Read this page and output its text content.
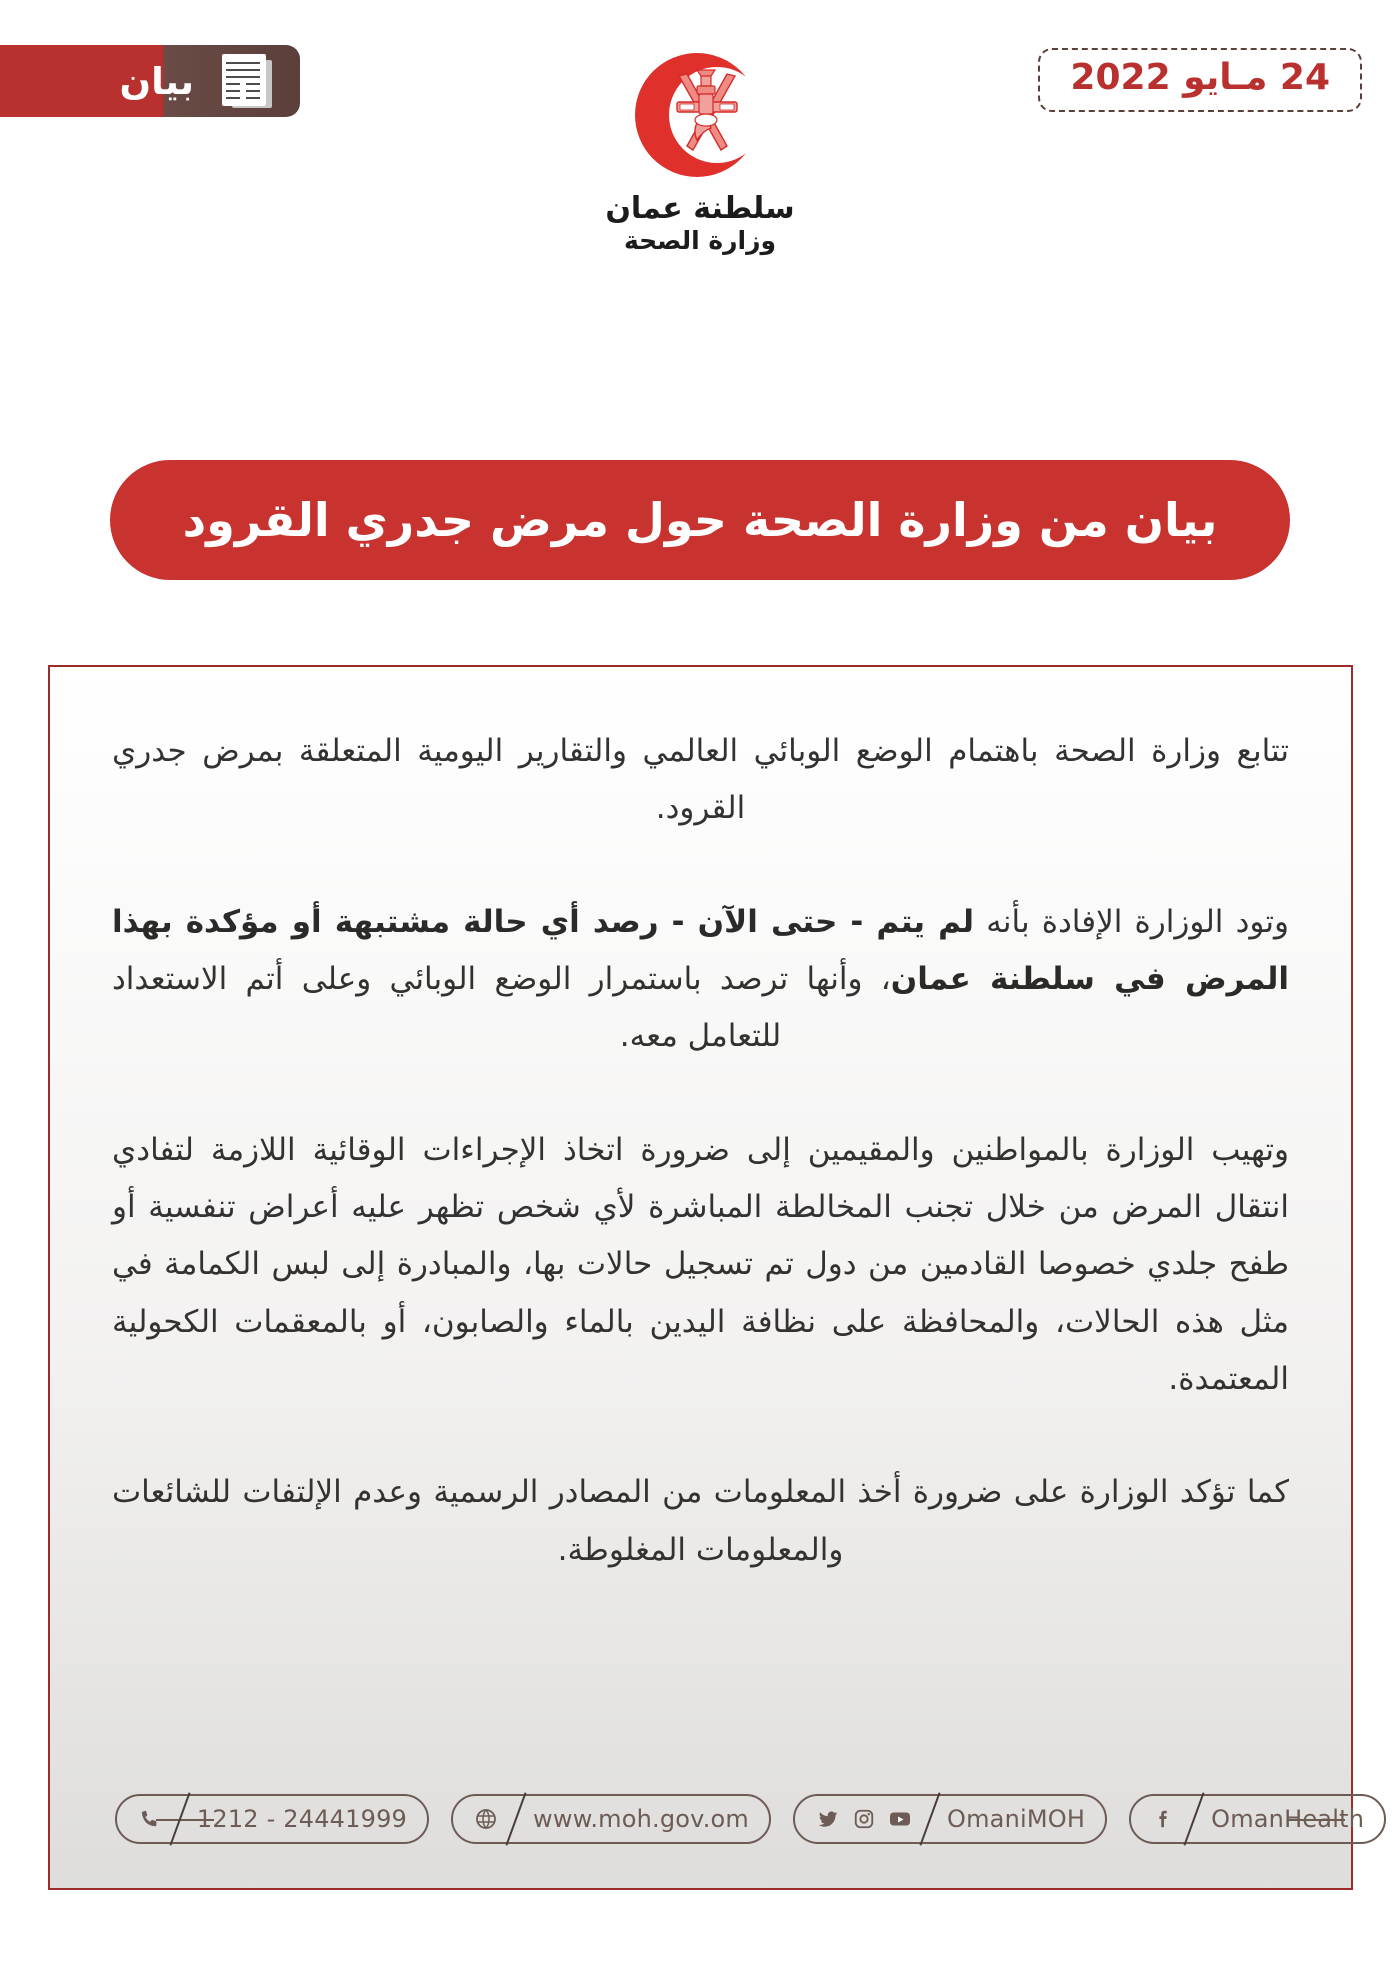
بيان
سلطنة عمان
وزارة الصحة
24 مـايو 2022
بيان من وزارة الصحة حول مرض جدري القرود

تتابع وزارة الصحة باهتمام الوضع الوبائي العالمي والتقارير اليومية المتعلقة بمرض جدري القرود.

وتود الوزارة الإفادة بأنه لم يتم - حتى الآن - رصد أي حالة مشتبهة أو مؤكدة بهذا المرض في سلطنة عمان، وأنها ترصد باستمرار الوضع الوبائي وعلى أتم الاستعداد للتعامل معه.

وتهيب الوزارة بالمواطنين والمقيمين إلى ضرورة اتخاذ الإجراءات الوقائية اللازمة لتفادي انتقال المرض من خلال تجنب المخالطة المباشرة لأي شخص تظهر عليه أعراض تنفسية أو طفح جلدي خصوصا القادمين من دول تم تسجيل حالات بها، والمبادرة إلى لبس الكمامة في مثل هذه الحالات، والمحافظة على نظافة اليدين بالماء والصابون، أو بالمعقمات الكحولية المعتمدة.

كما تؤكد الوزارة على ضرورة أخذ المعلومات من المصادر الرسمية وعدم الإلتفات للشائعات والمعلومات المغلوطة.

OmanHealth
OmaniMOH
www.moh.gov.om
1212 - 24441999
